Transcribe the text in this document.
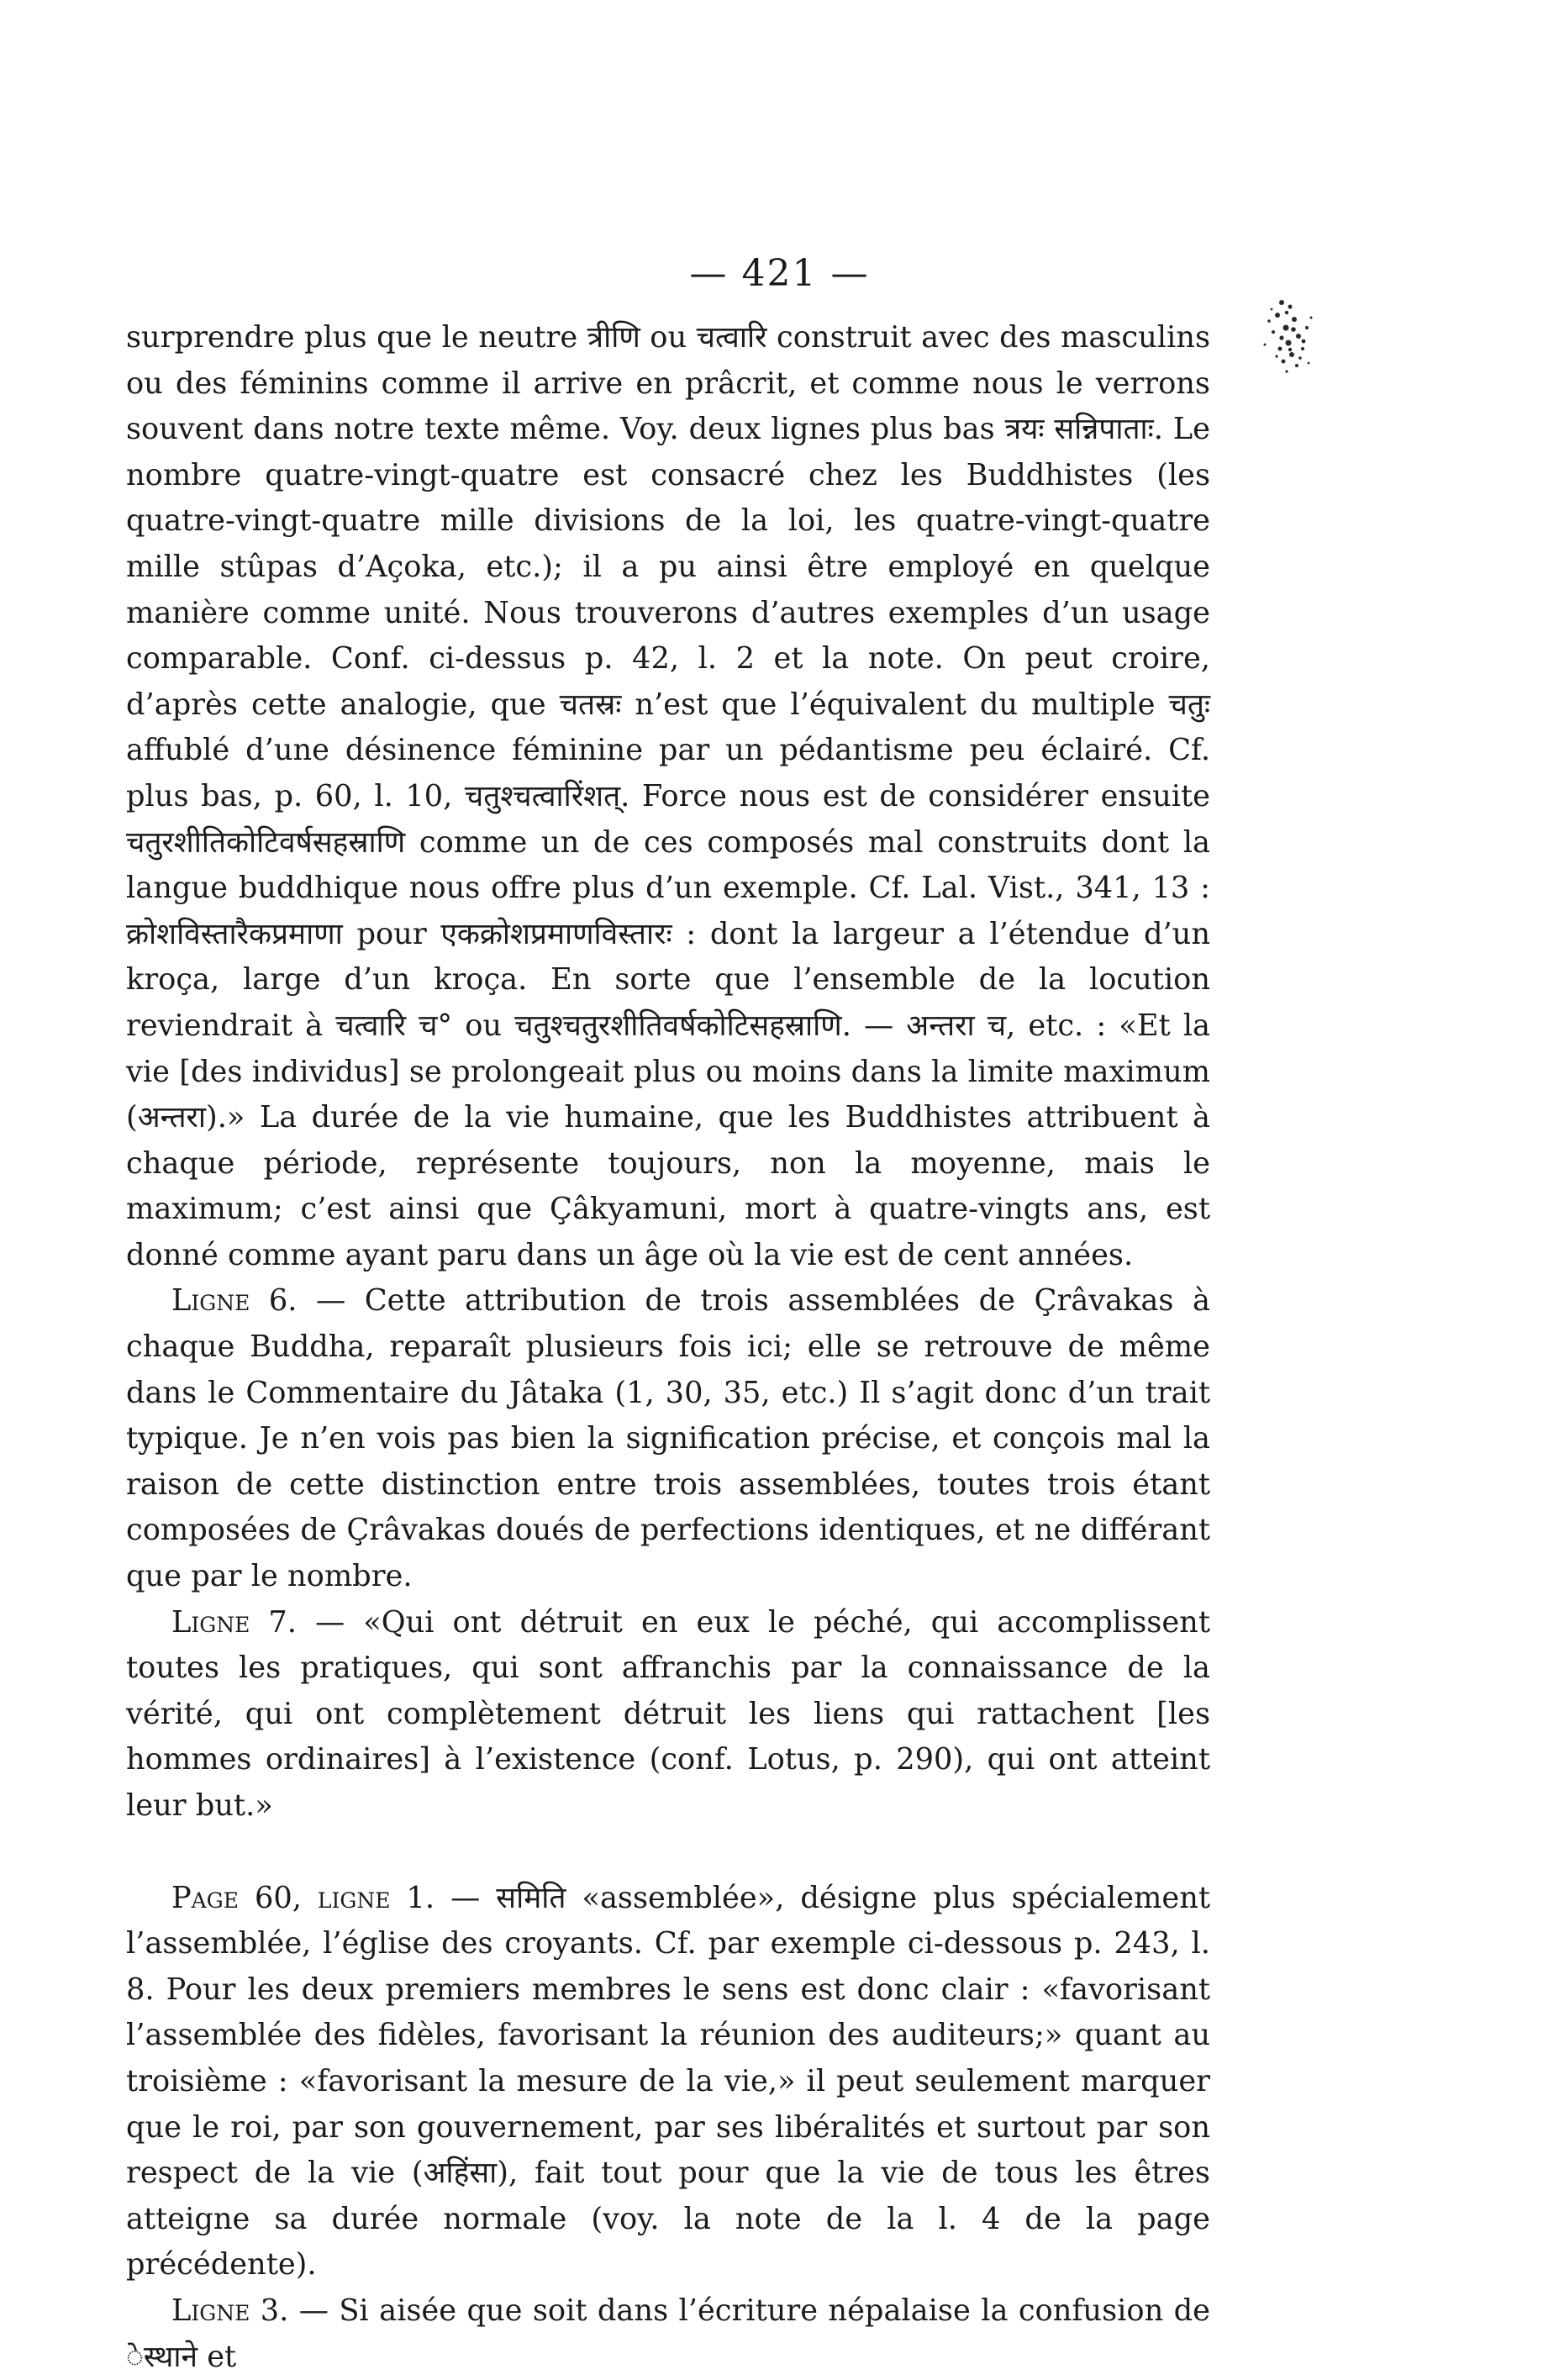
— 421 —

surprendre plus que le neutre त्रीणि ou चत्वारि construit avec des masculins ou des féminins comme il arrive en prâcrit, et comme nous le verrons souvent dans notre texte même. Voy. deux lignes plus bas त्रयः सन्निपाताः. Le nombre quatre-vingt-quatre est consacré chez les Buddhistes (les quatre-vingt-quatre mille divisions de la loi, les quatre-vingt-quatre mille stûpas d’Açoka, etc.); il a pu ainsi être employé en quelque manière comme unité. Nous trouverons d’autres exemples d’un usage comparable. Conf. ci-dessus p. 42, l. 2 et la note. On peut croire, d’après cette analogie, que चतस्रः n’est que l’équivalent du multiple चतुः affublé d’une désinence féminine par un pédantisme peu éclairé. Cf. plus bas, p. 60, l. 10, चतुश्चत्वारिंशत्. Force nous est de considérer ensuite चतुरशीतिकोटिवर्षसहस्राणि comme un de ces composés mal construits dont la langue buddhique nous offre plus d’un exemple. Cf. Lal. Vist., 341, 13 : क्रोशविस्तारैकप्रमाणा pour एकक्रोशप्रमाणविस्तारः : dont la largeur a l’étendue d’un kroça, large d’un kroça. En sorte que l’ensemble de la locution reviendrait à चत्वारि च° ou चतुश्चतुरशीतिवर्षकोटिसहस्राणि. — अन्तरा च, etc. : «Et la vie [des individus] se prolongeait plus ou moins dans la limite maximum (अन्तरा).» La durée de la vie humaine, que les Buddhistes attribuent à chaque période, représente toujours, non la moyenne, mais le maximum; c’est ainsi que Çâkyamuni, mort à quatre-vingts ans, est donné comme ayant paru dans un âge où la vie est de cent années.

Ligne 6. — Cette attribution de trois assemblées de Çrâvakas à chaque Buddha, reparaît plusieurs fois ici; elle se retrouve de même dans le Commentaire du Jâtaka (1, 30, 35, etc.) Il s’agit donc d’un trait typique. Je n’en vois pas bien la signification précise, et conçois mal la raison de cette distinction entre trois assemblées, toutes trois étant composées de Çrâvakas doués de perfections identiques, et ne différant que par le nombre.

Ligne 7. — «Qui ont détruit en eux le péché, qui accomplissent toutes les pratiques, qui sont affranchis par la connaissance de la vérité, qui ont complètement détruit les liens qui rattachent [les hommes ordinaires] à l’existence (conf. Lotus, p. 290), qui ont atteint leur but.»

Page 60, ligne 1. — समिति «assemblée», désigne plus spécialement l’assemblée, l’église des croyants. Cf. par exemple ci-dessous p. 243, l. 8. Pour les deux premiers membres le sens est donc clair : «favorisant l’assemblée des fidèles, favorisant la réunion des auditeurs;» quant au troisième : «favorisant la mesure de la vie,» il peut seulement marquer que le roi, par son gouvernement, par ses libéralités et surtout par son respect de la vie (अहिंसा), fait tout pour que la vie de tous les êtres atteigne sa durée normale (voy. la note de la l. 4 de la page précédente).

Ligne 3. — Si aisée que soit dans l’écriture népalaise la confusion de ेस्थाने et
